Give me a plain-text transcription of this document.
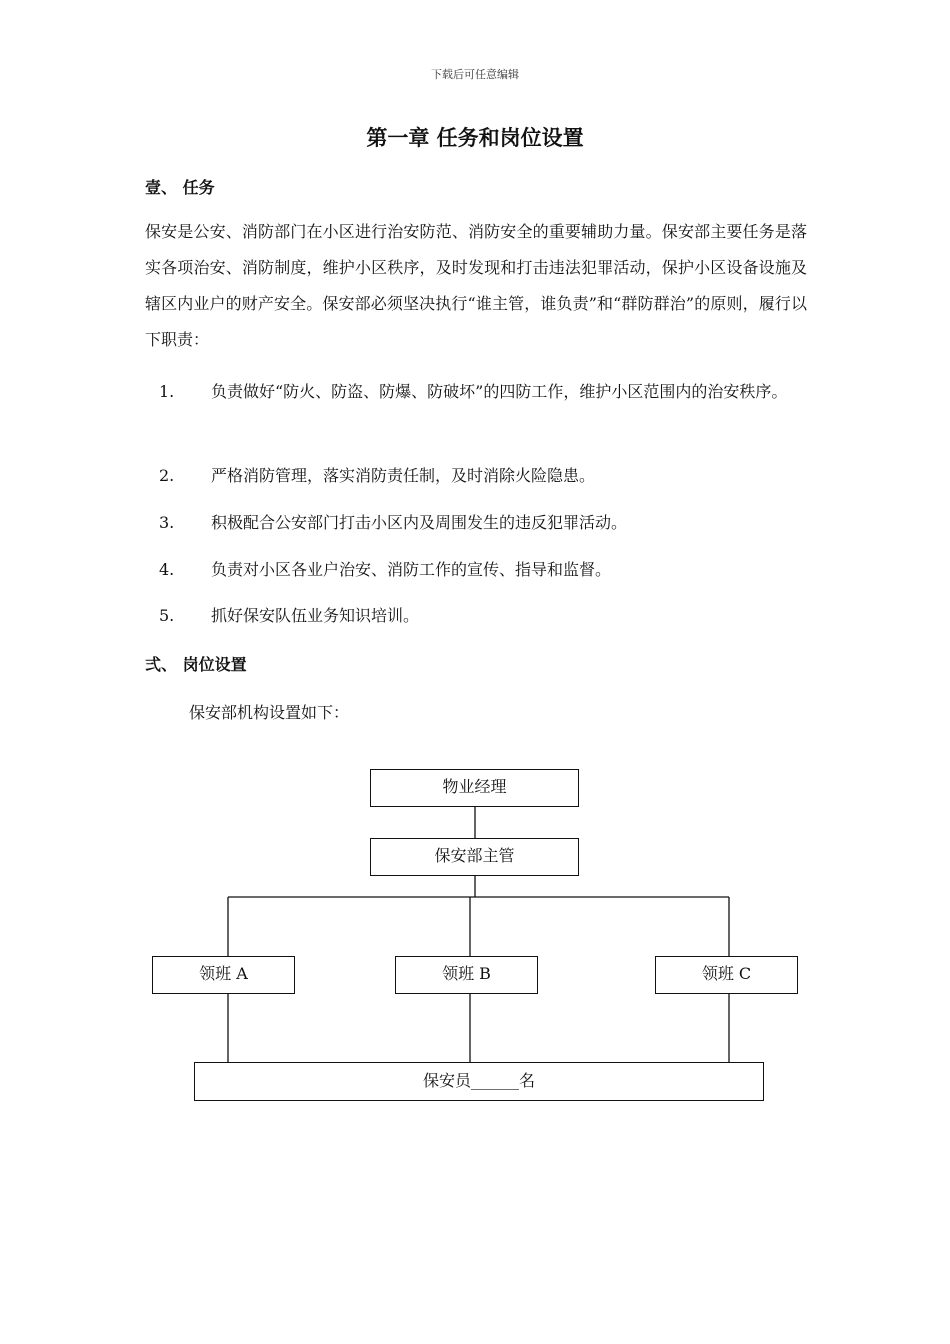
下载后可任意编辑
第一章 任务和岗位设置
壹、 任务
保安是公安、消防部门在小区进行治安防范、消防安全的重要辅助力量。保安部主要任务是落实各项治安、消防制度，维护小区秩序，及时发现和打击违法犯罪活动，保护小区设备设施及辖区内业户的财产安全。保安部必须坚决执行“谁主管，谁负责”和“群防群治”的原则，履行以下职责：
1.	负责做好“防火、防盗、防爆、防破坏”的四防工作，维护小区范围内的治安秩序。
2.	严格消防管理，落实消防责任制，及时消除火险隐患。
3.	积极配合公安部门打击小区内及周围发生的违反犯罪活动。
4.	负责对小区各业户治安、消防工作的宣传、指导和监督。
5.	抓好保安队伍业务知识培训。
弍、 岗位设置
保安部机构设置如下：
物业经理
保安部主管
领班 A	领班 B	领班 C
保安员______名
